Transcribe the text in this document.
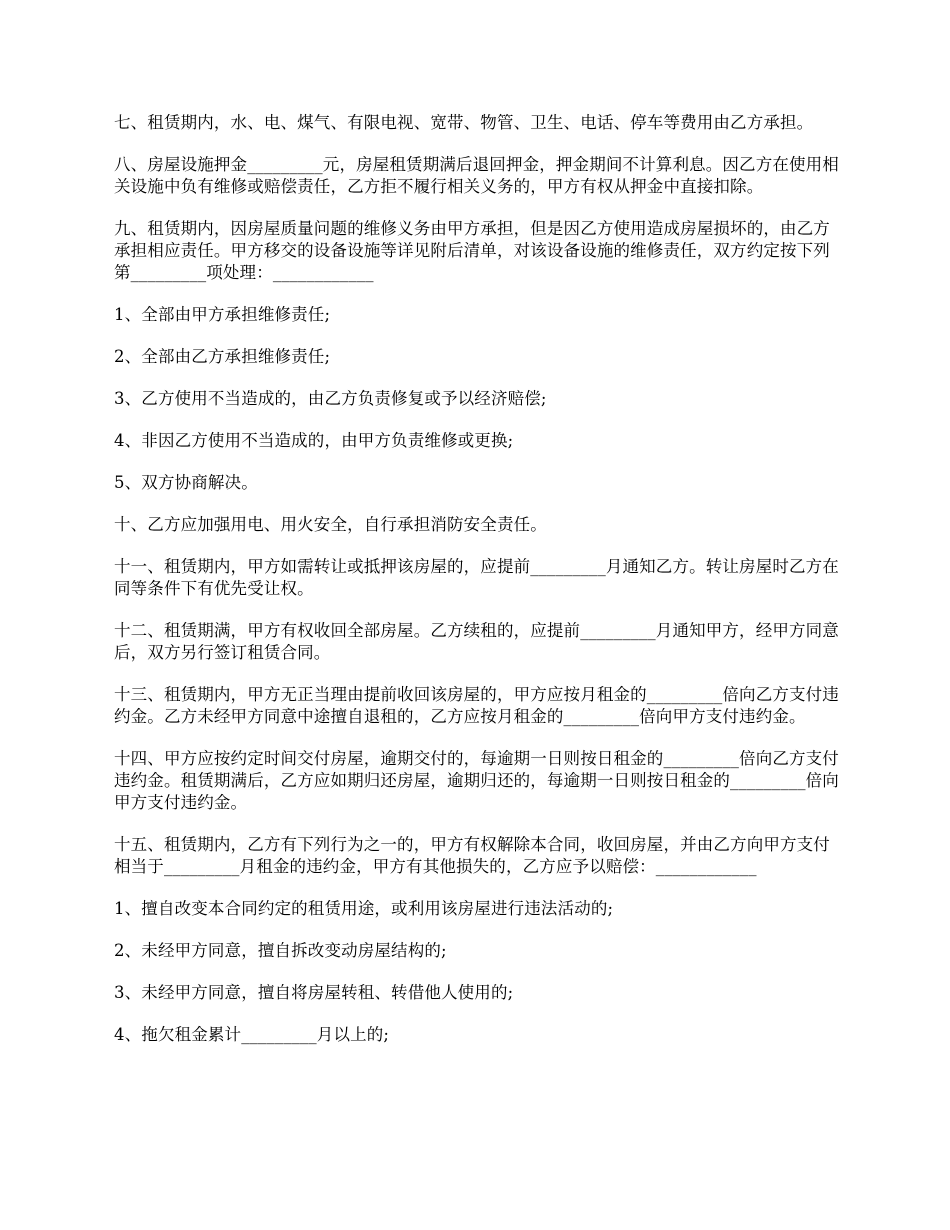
七、租赁期内，水、电、煤气、有限电视、宽带、物管、卫生、电话、停车等费用由乙方承担。

八、房屋设施押金_________元，房屋租赁期满后退回押金，押金期间不计算利息。因乙方在使用相关设施中负有维修或赔偿责任，乙方拒不履行相关义务的，甲方有权从押金中直接扣除。

九、租赁期内，因房屋质量问题的维修义务由甲方承担，但是因乙方使用造成房屋损坏的，由乙方承担相应责任。甲方移交的设备设施等详见附后清单，对该设备设施的维修责任，双方约定按下列第_________项处理：____________

1、全部由甲方承担维修责任;

2、全部由乙方承担维修责任;

3、乙方使用不当造成的，由乙方负责修复或予以经济赔偿;

4、非因乙方使用不当造成的，由甲方负责维修或更换;

5、双方协商解决。

十、乙方应加强用电、用火安全，自行承担消防安全责任。

十一、租赁期内，甲方如需转让或抵押该房屋的，应提前_________月通知乙方。转让房屋时乙方在同等条件下有优先受让权。

十二、租赁期满，甲方有权收回全部房屋。乙方续租的，应提前_________月通知甲方，经甲方同意后，双方另行签订租赁合同。

十三、租赁期内，甲方无正当理由提前收回该房屋的，甲方应按月租金的_________倍向乙方支付违约金。乙方未经甲方同意中途擅自退租的，乙方应按月租金的_________倍向甲方支付违约金。

十四、甲方应按约定时间交付房屋，逾期交付的，每逾期一日则按日租金的_________倍向乙方支付违约金。租赁期满后，乙方应如期归还房屋，逾期归还的，每逾期一日则按日租金的_________倍向甲方支付违约金。

十五、租赁期内，乙方有下列行为之一的，甲方有权解除本合同，收回房屋，并由乙方向甲方支付相当于_________月租金的违约金，甲方有其他损失的，乙方应予以赔偿：____________

1、擅自改变本合同约定的租赁用途，或利用该房屋进行违法活动的;

2、未经甲方同意，擅自拆改变动房屋结构的;

3、未经甲方同意，擅自将房屋转租、转借他人使用的;

4、拖欠租金累计_________月以上的;
